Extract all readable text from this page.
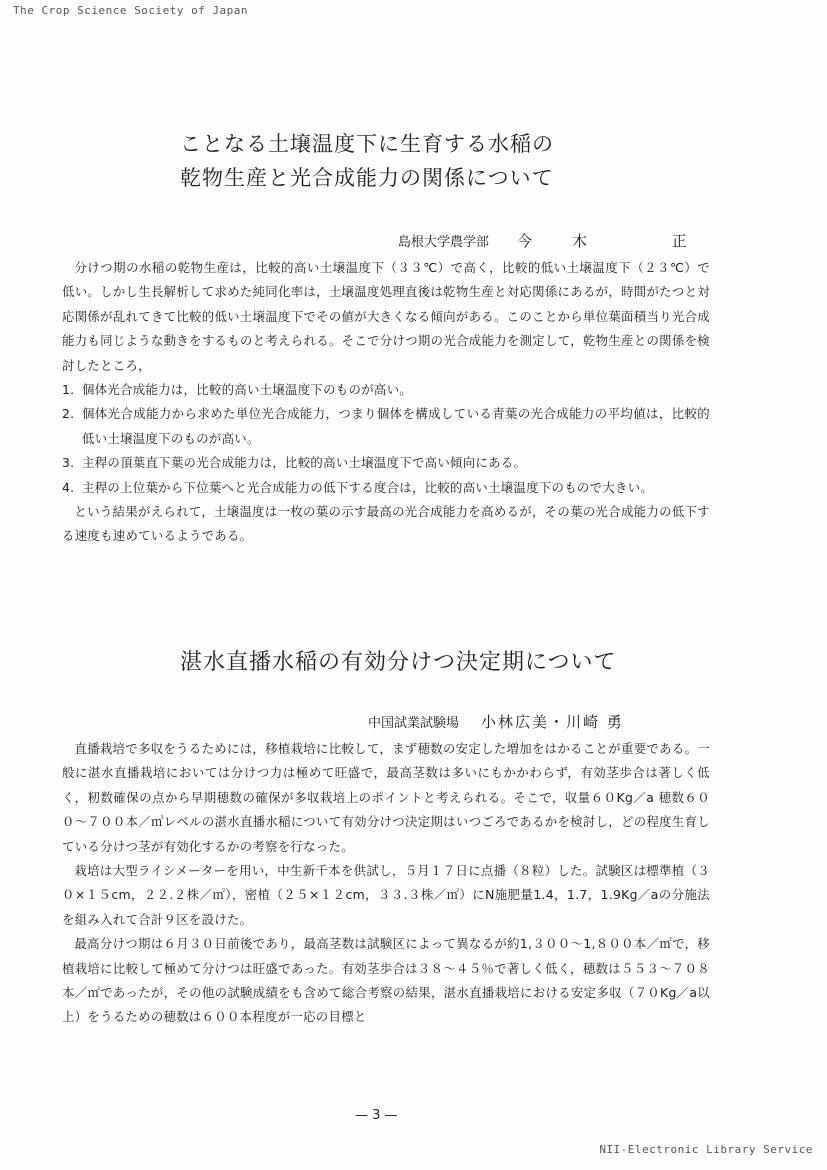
The Crop Science Society of Japan
ことなる土壌温度下に生育する水稲の
乾物生産と光合成能力の関係について
島根大学農学部 今木 正

分けつ期の水稲の乾物生産は，比較的高い土壌温度下（３３℃）で高く，比較的低い土壌温度下（２３℃）で低い。しかし生長解析して求めた純同化率は，土壌温度処理直後は乾物生産と対応関係にあるが，時間がたつと対応関係が乱れてきて比較的低い土壌温度下でその値が大きくなる傾向がある。このことから単位葉面積当り光合成能力も同じような動きをするものと考えられる。そこで分けつ期の光合成能力を測定して，乾物生産との関係を検討したところ，

1. 個体光合成能力は，比較的高い土壌温度下のものが高い。
2. 個体光合成能力から求めた単位光合成能力，つまり個体を構成している青葉の光合成能力の平均値は，比較的低い土壌温度下のものが高い。
3. 主稈の頂葉直下葉の光合成能力は，比較的高い土壌温度下で高い傾向にある。
4. 主稈の上位葉から下位葉へと光合成能力の低下する度合は，比較的高い土壌温度下のもので大きい。

という結果がえられて，土壌温度は一枚の葉の示す最高の光合成能力を高めるが，その葉の光合成能力の低下する速度も速めているようである。

湛水直播水稲の有効分けつ決定期について
中国試業試験場 小林広美・川崎 勇

直播栽培で多収をうるためには，移植栽培に比較して，まず穂数の安定した増加をはかることが重要である。一般に湛水直播栽培においては分けつ力は極めて旺盛で，最高茎数は多いにもかかわらず，有効茎歩合は著しく低く，籾数確保の点から早期穂数の確保が多収栽培上のポイントと考えられる。そこで，収量６０Kg／a 穂数６００〜７００本／㎡レベルの湛水直播水稲について有効分けつ決定期はいつごろであるかを検討し，どの程度生育している分けつ茎が有効化するかの考察を行なった。

栽培は大型ライシメーターを用い，中生新千本を供試し，５月１７日に点播（８粒）した。試験区は標準植（３０×１５cm，２２.２株／㎡），密植（２５×１２cm，３３.３株／㎡）にN施肥量1.4，1.7，1.9Kg／aの分施法を組み入れて合計９区を設けた。

最高分けつ期は６月３０日前後であり，最高茎数は試験区によって異なるが約1,３００〜1,８００本／㎡で，移植栽培に比較して極めて分けつは旺盛であった。有効茎歩合は３８〜４５％で著しく低く，穂数は５５３〜７０８本／㎡であったが，その他の試験成績をも含めて総合考察の結果，湛水直播栽培における安定多収（７０Kg／a以上）をうるための穂数は６００本程度が一応の目標と

— 3 —
NII-Electronic Library Service
